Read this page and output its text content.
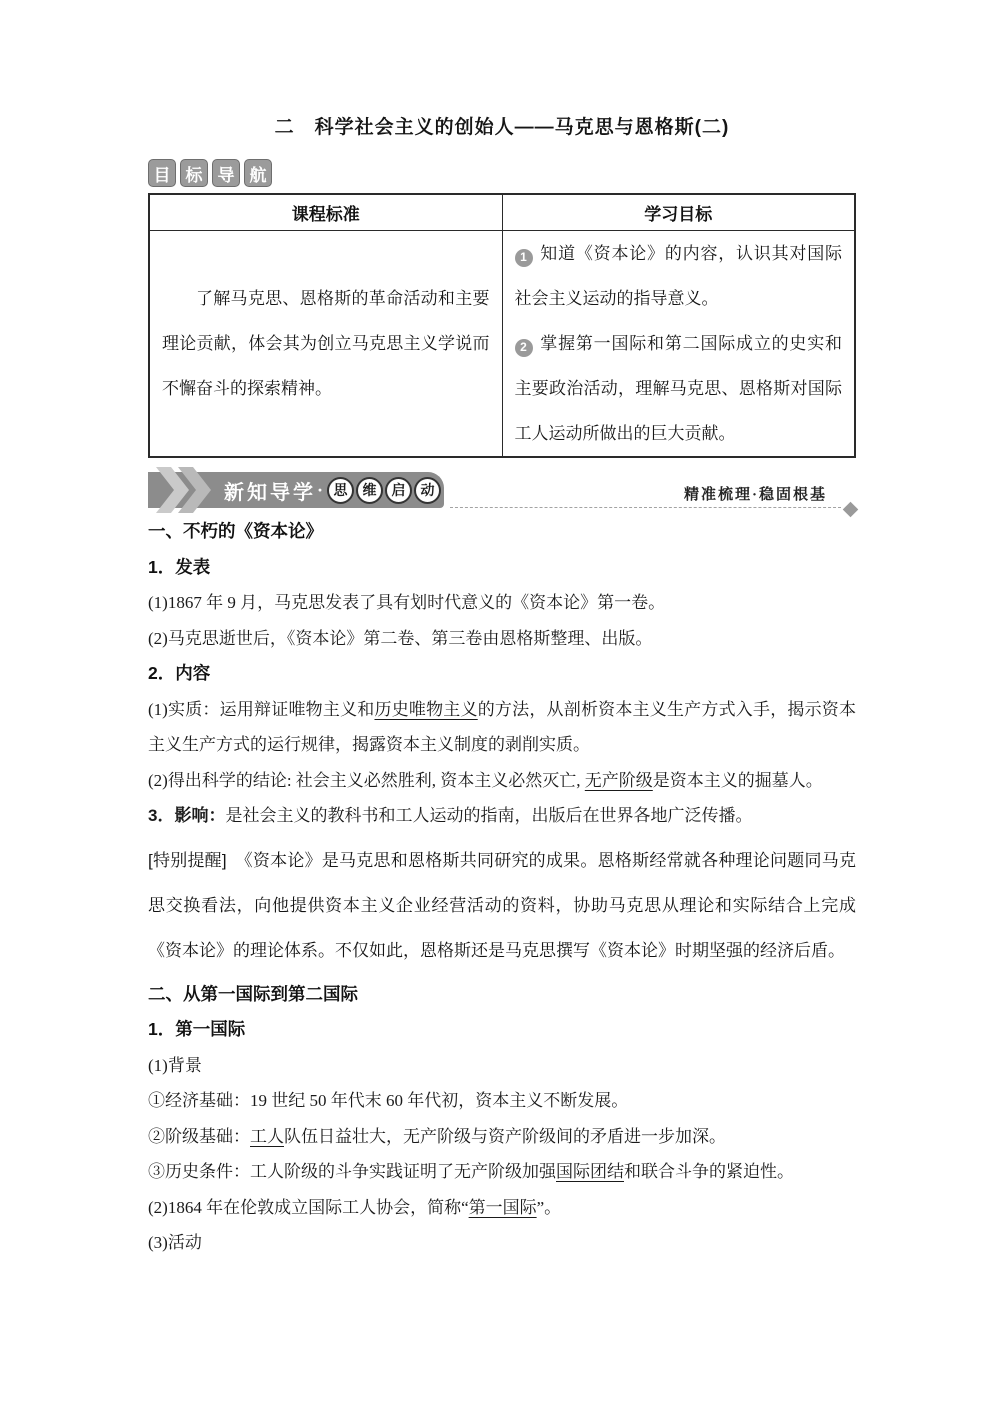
二　科学社会主义的创始人——马克思与恩格斯(二)
目 标 导 航
课程标准	学习目标

了解马克思、恩格斯的革命活动和主要理论贡献，体会其为创立马克思主义学说而不懈奋斗的探索精神。	1 知道《资本论》的内容，认识其对国际社会主义运动的指导意义。

2 掌握第一国际和第二国际成立的史实和主要政治活动，理解马克思、恩格斯对国际工人运动所做出的巨大贡献。

新知导学 · 思	维	启	动	精准梳理·稳固根基

一、不朽的《资本论》

1．发表

(1)1867 年 9 月，马克思发表了具有划时代意义的《资本论》第一卷。

(2)马克思逝世后，《资本论》第二卷、第三卷由恩格斯整理、出版。

2．内容

(1)实质：运用辩证唯物主义和历史唯物主义的方法，从剖析资本主义生产方式入手，揭示资本主义生产方式的运行规律，揭露资本主义制度的剥削实质。

(2)得出科学的结论: 社会主义必然胜利, 资本主义必然灭亡, 无产阶级是资本主义的掘墓人。

3．影响：是社会主义的教科书和工人运动的指南，出版后在世界各地广泛传播。

[特别提醒]　《资本论》是马克思和恩格斯共同研究的成果。恩格斯经常就各种理论问题同马克思交换看法，向他提供资本主义企业经营活动的资料，协助马克思从理论和实际结合上完成《资本论》的理论体系。不仅如此，恩格斯还是马克思撰写《资本论》时期坚强的经济后盾。

二、从第一国际到第二国际

1．第一国际

(1)背景

①经济基础：19 世纪 50 年代末 60 年代初，资本主义不断发展。

②阶级基础：工人队伍日益壮大，无产阶级与资产阶级间的矛盾进一步加深。

③历史条件：工人阶级的斗争实践证明了无产阶级加强国际团结和联合斗争的紧迫性。

(2)1864 年在伦敦成立国际工人协会，简称“第一国际”。

(3)活动
